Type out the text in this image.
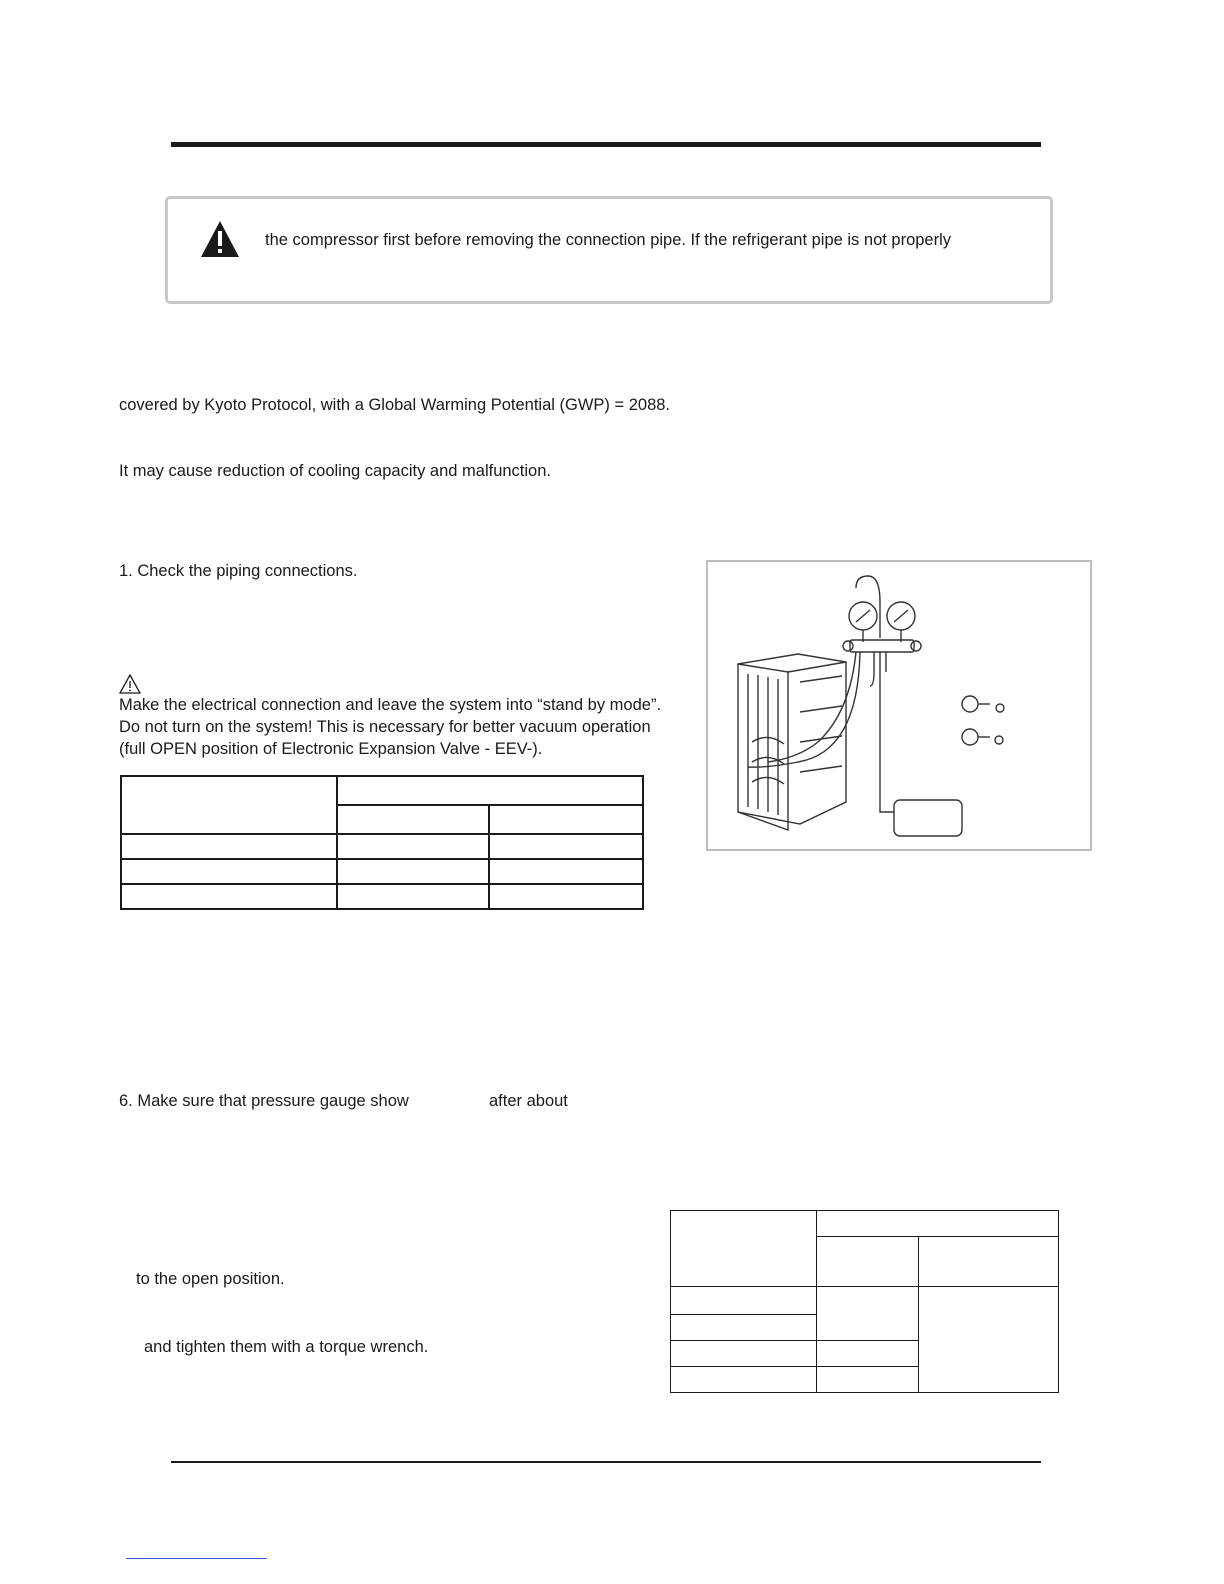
the compressor first before removing the connection pipe. If the refrigerant pipe is not properly
covered by Kyoto Protocol, with a Global Warming Potential (GWP) = 2088.
It may cause reduction of cooling capacity and malfunction.
1. Check the piping connections.
Make the electrical connection and leave the system into “stand by mode”.
Do not turn on the system! This is necessary for better vacuum operation
(full OPEN position of Electronic Expansion Valve - EEV-).

6. Make sure that pressure gauge show	after about
to the open position.
and tighten them with a torque wrench.
